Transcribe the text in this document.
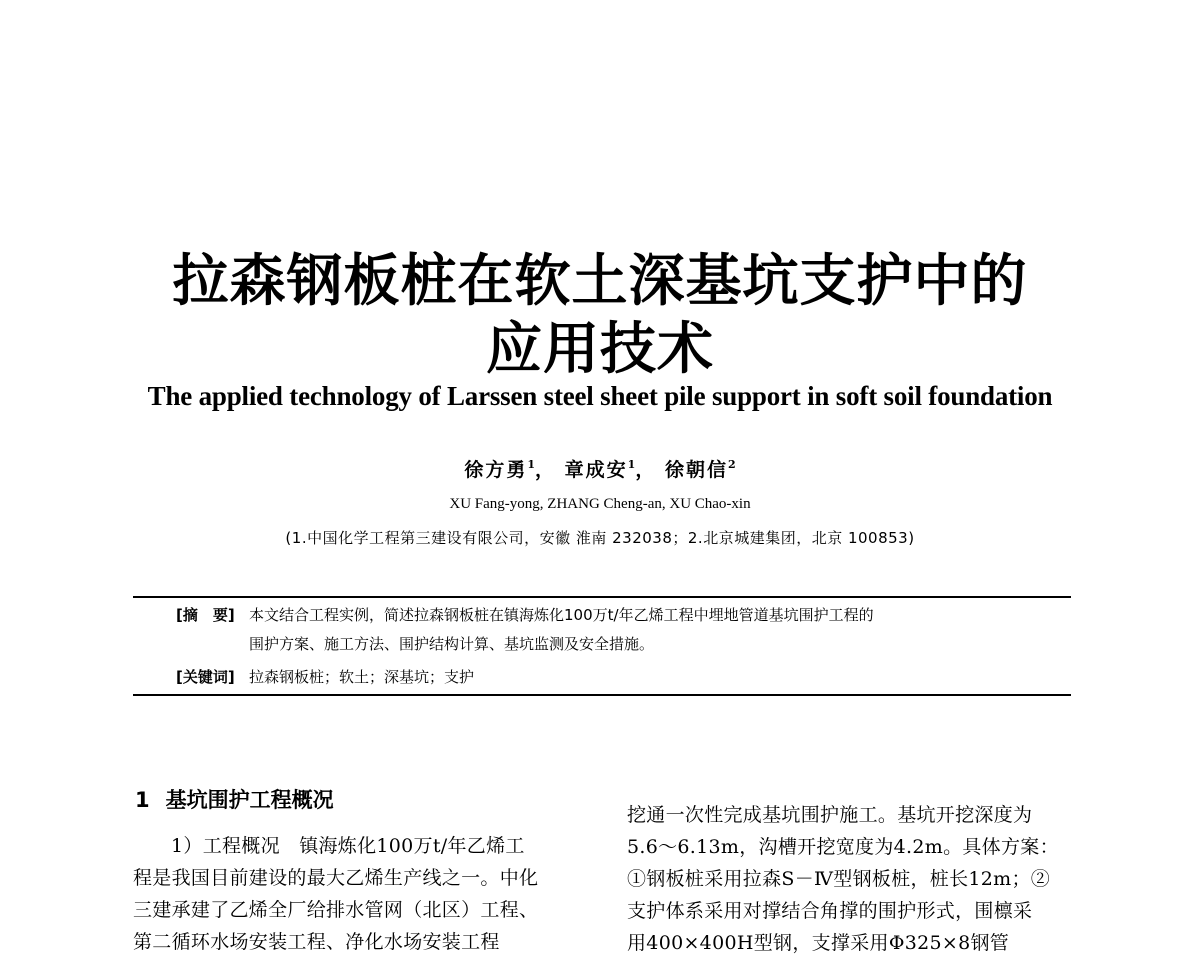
拉森钢板桩在软土深基坑支护中的
应用技术
The applied technology of Larssen steel sheet pile support in soft soil foundation
徐方勇$^1$， 章成安$^1$， 徐朝信$^2$
XU Fang-yong, ZHANG Cheng-an, XU Chao-xin
(1.中国化学工程第三建设有限公司，安徽 淮南 232038；2.北京城建集团，北京 100853)
[摘　要] 本文结合工程实例，简述拉森钢板桩在镇海炼化100万t/年乙烯工程中埋地管道基坑围护工程的
围护方案、施工方法、围护结构计算、基坑监测及安全措施。
[关键词] 拉森钢板桩；软土；深基坑；支护
1 基坑围护工程概况
1）工程概况　镇海炼化100万t/年乙烯工
程是我国目前建设的最大乙烯生产线之一。中化
三建承建了乙烯全厂给排水管网（北区）工程、
第二循环水场安装工程、净化水场安装工程
挖通一次性完成基坑围护施工。基坑开挖深度为
5.6～6.13m，沟槽开挖宽度为4.2m。具体方案：
①钢板桩采用拉森S－Ⅳ型钢板桩，桩长12m；②
支护体系采用对撑结合角撑的围护形式，围檩采
用400×400H型钢，支撑采用Φ325×8钢管
